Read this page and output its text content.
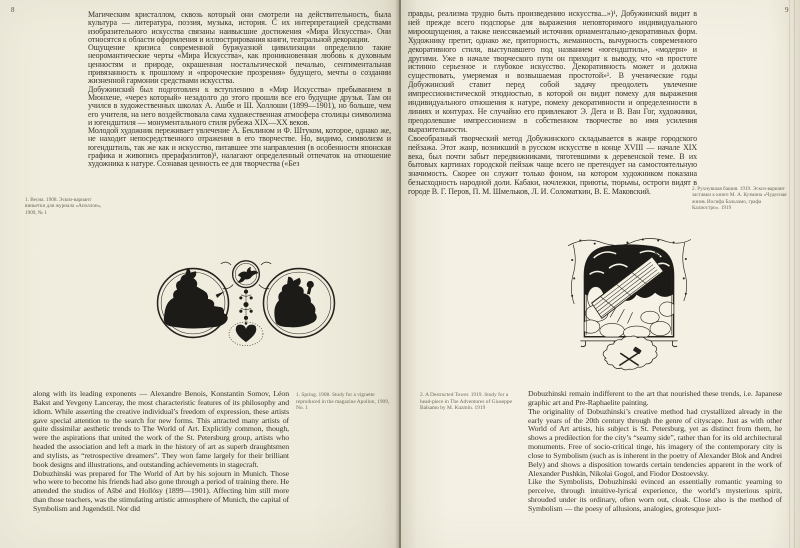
8	Магическим кристаллом, сквозь который они смотрели на действительность, была культура — литература, поэзия, музыка, история. С их интерпретацией средствами изобразительного искусства связаны наивысшие достижения «Мира Искусства». Они относятся к области оформления и иллюстрирования книги, театральной декорации.

Ощущение кризиса современной буржуазной цивилизации определило такие неоромантические черты «Мира Искусства», как проникновенная любовь к духовным ценностям и природе, окрашенная ностальгической печалью, сентиментальная привязанность к прошлому и «пророческие прозрения» будущего, мечты о создании жизненной гармонии средствами искусства.

Добужинский был подготовлен к вступлению в «Мир Искусства» пребыванием в Мюнхене, «через который» незадолго до этого прошли все его будущие друзья. Там он учился в художественных школах А. Ашбе и Ш. Холлоши (1899—1901), но больше, чем его учителя, на него воздействовала сама художественная атмосфера столицы символизма и югендштиля — монументального стиля рубежа XIX—XX веков.

Молодой художник переживает увлечение А. Беклином и Ф. Штуком, которое, однако же, не находит непосредственного отражения в его творчестве. Но, видимо, символизм и югендштиль, так же как и искусство, питавшее эти направления (в особенности японская графика и живопись прерафаэлитов)¹, налагают определенный отпечаток на отношение художника к натуре. Сознавая ценность ее для творчества («Без

1. Весна. 1908. Эскиз-вариант виньетки для журнала «Аполлон», 1909, № 1

along with its leading exponents — Alexandre Benois, Konstantin Somov, Léon Bakst and Yevgeny Lanceray, the most characteristic features of its philosophy and idiom. While asserting the creative individual’s freedom of expression, these artists gave special attention to the search for new forms. This attracted many artists of quite dissimilar aesthetic trends to The World of Art. Explicitly common, though, were the aspirations that united the work of the St. Petersburg group, artists who headed the association and left a mark in the history of art as superb draughtsmen and stylists, as “retrospective dreamers”. They won fame largely for their brilliant book designs and illustrations, and outstanding achievements in stagecraft.

Dobuzhinski was prepared for The World of Art by his sojourn in Munich. Those who were to become his friends had also gone through a period of training there. He attended the studios of Ašbé and Hollósy (1899—1901). Affecting him still more than those teachers, was the stimulating artistic atmosphere of Munich, the capital of Symbolism and Jugendstil. Nor did

1. Spring. 1908. Study for a vignette reproduced in the magazine Apollon, 1909, No. 1
9

правды, реализма трудно быть произведению искусства...»)¹, Добужинский видит в ней прежде всего подспорье для выражения неповторимого индивидуального мироощущения, а также неиссякаемый источник орнаментально-декоративных форм. Художнику претит, однако же, приторность, жеманность, вычурность современного декоративного стиля, выступавшего под названием «югендштиль», «модерн» и другими. Уже в начале творческого пути он приходит к выводу, что «в простоте истинно серьезное и глубокое искусство. Декоративность может и должна существовать, умеряемая и возвышаемая простотой»¹. В ученические годы Добужинский ставит перед собой задачу преодолеть увлечение импрессионистической этюдностью, в которой он видит помеху для выражения индивидуального отношения к натуре, помеху декоративности и определенности в линиях и контурах. Не случайно его привлекают Э. Дега и В. Ван Гог, художники, преодолевшие импрессионизм в собственном творчестве во имя усиления выразительности.

Своеобразный творческий метод Добужинского складывается в жанре городского пейзажа. Этот жанр, возникший в русском искусстве в конце XVIII — начале XIX века, был почти забыт передвижниками, тяготевшими к деревенской теме. В их бытовых картинах городской пейзаж чаще всего не претендует на самостоятельную значимость. Скорее он служит только фоном, на котором художником показана безысходность народной доли. Кабаки, ночлежки, приюты, тюрьмы, остроги видят в городе В. Г. Перов, П. М. Шмельков, Л. И. Соломаткин, В. Е. Маковский.	2. Рухнувшая башня. 1919. Эскиз-вариант заставки к книге М. А. Кузмина «Чудесная жизнь Иосифа Бальзамо, графа Калиостро». 1919
2. A Destructed Tower. 1919. Study for a head-piece in The Adventures of Giuseppe Balsamo by M. Kuzmin. 1919

Dobuzhinski remain indifferent to the art that nourished these trends, i.e. Japanese graphic art and Pre-Raphaelite painting.

The originality of Dobuzhinski’s creative method had crystallized already in the early years of the 20th century through the genre of cityscape. Just as with other World of Art artists, his subject is St. Petersburg, yet as distinct from them, he shows a predilection for the city’s “seamy side”, rather than for its old architectural monuments. Free of socio-critical tinge, his imagery of the contemporary city is close to Symbolism (such as is inherent in the poetry of Alexander Blok and Andrei Bely) and shows a disposition towards certain tendencies apparent in the work of Alexander Pushkin, Nikolai Gogol, and Fiodor Dostoevsky.

Like the Symbolists, Dobuzhinski evinced an essentially romantic yearning to perceive, through intuitive-lyrical experience, the world’s mysterious spirit, shrouded under its ordinary, often worn out, cloak. Close also is the method of Symbolism — the poesy of allusions, analogies, grotesque juxt-
